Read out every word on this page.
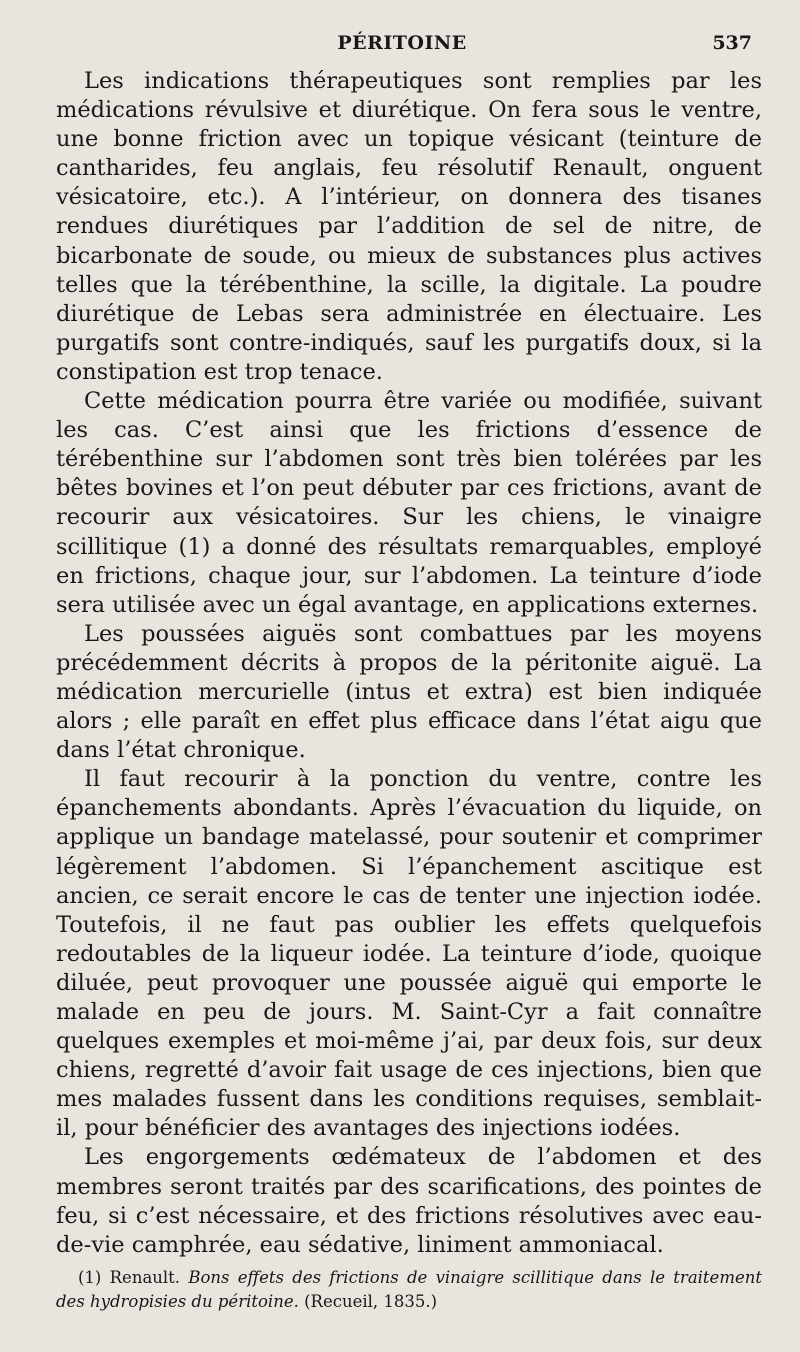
PÉRITOINE	537

Les indications thérapeutiques sont remplies par les médications révulsive et diurétique. On fera sous le ventre, une bonne friction avec un topique vésicant (teinture de cantharides, feu anglais, feu résolutif Renault, onguent vésicatoire, etc.). A l’intérieur, on donnera des tisanes rendues diurétiques par l’addition de sel de nitre, de bicarbonate de soude, ou mieux de substances plus actives telles que la térébenthine, la scille, la digitale. La poudre diurétique de Lebas sera administrée en électuaire. Les purgatifs sont contre-indiqués, sauf les purgatifs doux, si la constipation est trop tenace.

Cette médication pourra être variée ou modifiée, suivant les cas. C’est ainsi que les frictions d’essence de térébenthine sur l’abdomen sont très bien tolérées par les bêtes bovines et l’on peut débuter par ces frictions, avant de recourir aux vésicatoires. Sur les chiens, le vinaigre scillitique (1) a donné des résultats remarquables, employé en frictions, chaque jour, sur l’abdomen. La teinture d’iode sera utilisée avec un égal avantage, en applications externes.

Les poussées aiguës sont combattues par les moyens précédemment décrits à propos de la péritonite aiguë. La médication mercurielle (intus et extra) est bien indiquée alors ; elle paraît en effet plus efficace dans l’état aigu que dans l’état chronique.

Il faut recourir à la ponction du ventre, contre les épanchements abondants. Après l’évacuation du liquide, on applique un bandage matelassé, pour soutenir et comprimer légèrement l’abdomen. Si l’épanchement ascitique est ancien, ce serait encore le cas de tenter une injection iodée. Toutefois, il ne faut pas oublier les effets quelquefois redoutables de la liqueur iodée. La teinture d’iode, quoique diluée, peut provoquer une poussée aiguë qui emporte le malade en peu de jours. M. Saint-Cyr a fait connaître quelques exemples et moi-même j’ai, par deux fois, sur deux chiens, regretté d’avoir fait usage de ces injections, bien que mes malades fussent dans les conditions requises, semblait-il, pour bénéficier des avantages des injections iodées.

Les engorgements œdémateux de l’abdomen et des membres seront traités par des scarifications, des pointes de feu, si c’est nécessaire, et des frictions résolutives avec eau-de-vie camphrée, eau sédative, liniment ammoniacal.

(1) Renault. Bons effets des frictions de vinaigre scillitique dans le traitement des hydropisies du péritoine. (Recueil, 1835.)
